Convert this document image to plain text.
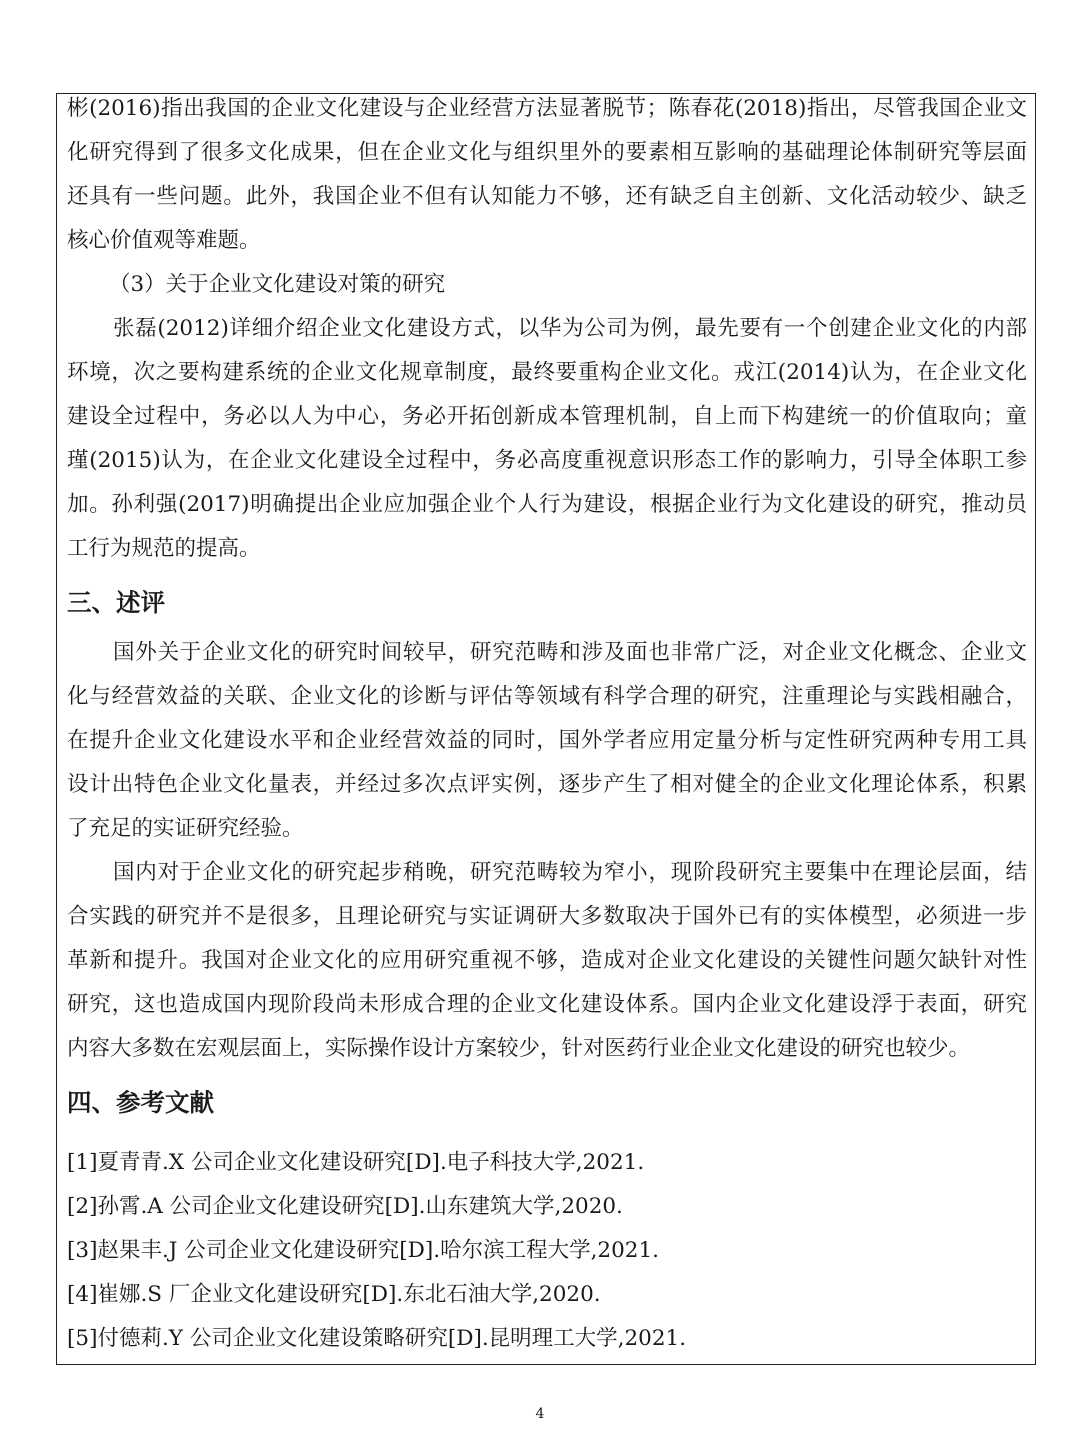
彬(2016)指出我国的企业文化建设与企业经营方法显著脱节；陈春花(2018)指出，尽管我国企业文
化研究得到了很多文化成果，但在企业文化与组织里外的要素相互影响的基础理论体制研究等层面
还具有一些问题。此外，我国企业不但有认知能力不够，还有缺乏自主创新、文化活动较少、缺乏
核心价值观等难题。
（3）关于企业文化建设对策的研究
张磊(2012)详细介绍企业文化建设方式，以华为公司为例，最先要有一个创建企业文化的内部
环境，次之要构建系统的企业文化规章制度，最终要重构企业文化。戎江(2014)认为，在企业文化
建设全过程中，务必以人为中心，务必开拓创新成本管理机制，自上而下构建统一的价值取向；童
瑾(2015)认为，在企业文化建设全过程中，务必高度重视意识形态工作的影响力，引导全体职工参
加。孙利强(2017)明确提出企业应加强企业个人行为建设，根据企业行为文化建设的研究，推动员
工行为规范的提高。
三、述评
国外关于企业文化的研究时间较早，研究范畴和涉及面也非常广泛，对企业文化概念、企业文
化与经营效益的关联、企业文化的诊断与评估等领域有科学合理的研究，注重理论与实践相融合，
在提升企业文化建设水平和企业经营效益的同时，国外学者应用定量分析与定性研究两种专用工具
设计出特色企业文化量表，并经过多次点评实例，逐步产生了相对健全的企业文化理论体系，积累
了充足的实证研究经验。
国内对于企业文化的研究起步稍晚，研究范畴较为窄小，现阶段研究主要集中在理论层面，结
合实践的研究并不是很多，且理论研究与实证调研大多数取决于国外已有的实体模型，必须进一步
革新和提升。我国对企业文化的应用研究重视不够，造成对企业文化建设的关键性问题欠缺针对性
研究，这也造成国内现阶段尚未形成合理的企业文化建设体系。国内企业文化建设浮于表面，研究
内容大多数在宏观层面上，实际操作设计方案较少，针对医药行业企业文化建设的研究也较少。
四、参考文献
[1]夏青青.X 公司企业文化建设研究[D].电子科技大学,2021.
[2]孙霄.A 公司企业文化建设研究[D].山东建筑大学,2020.
[3]赵果丰.J 公司企业文化建设研究[D].哈尔滨工程大学,2021.
[4]崔娜.S 厂企业文化建设研究[D].东北石油大学,2020.
[5]付德莉.Y 公司企业文化建设策略研究[D].昆明理工大学,2021.
4
